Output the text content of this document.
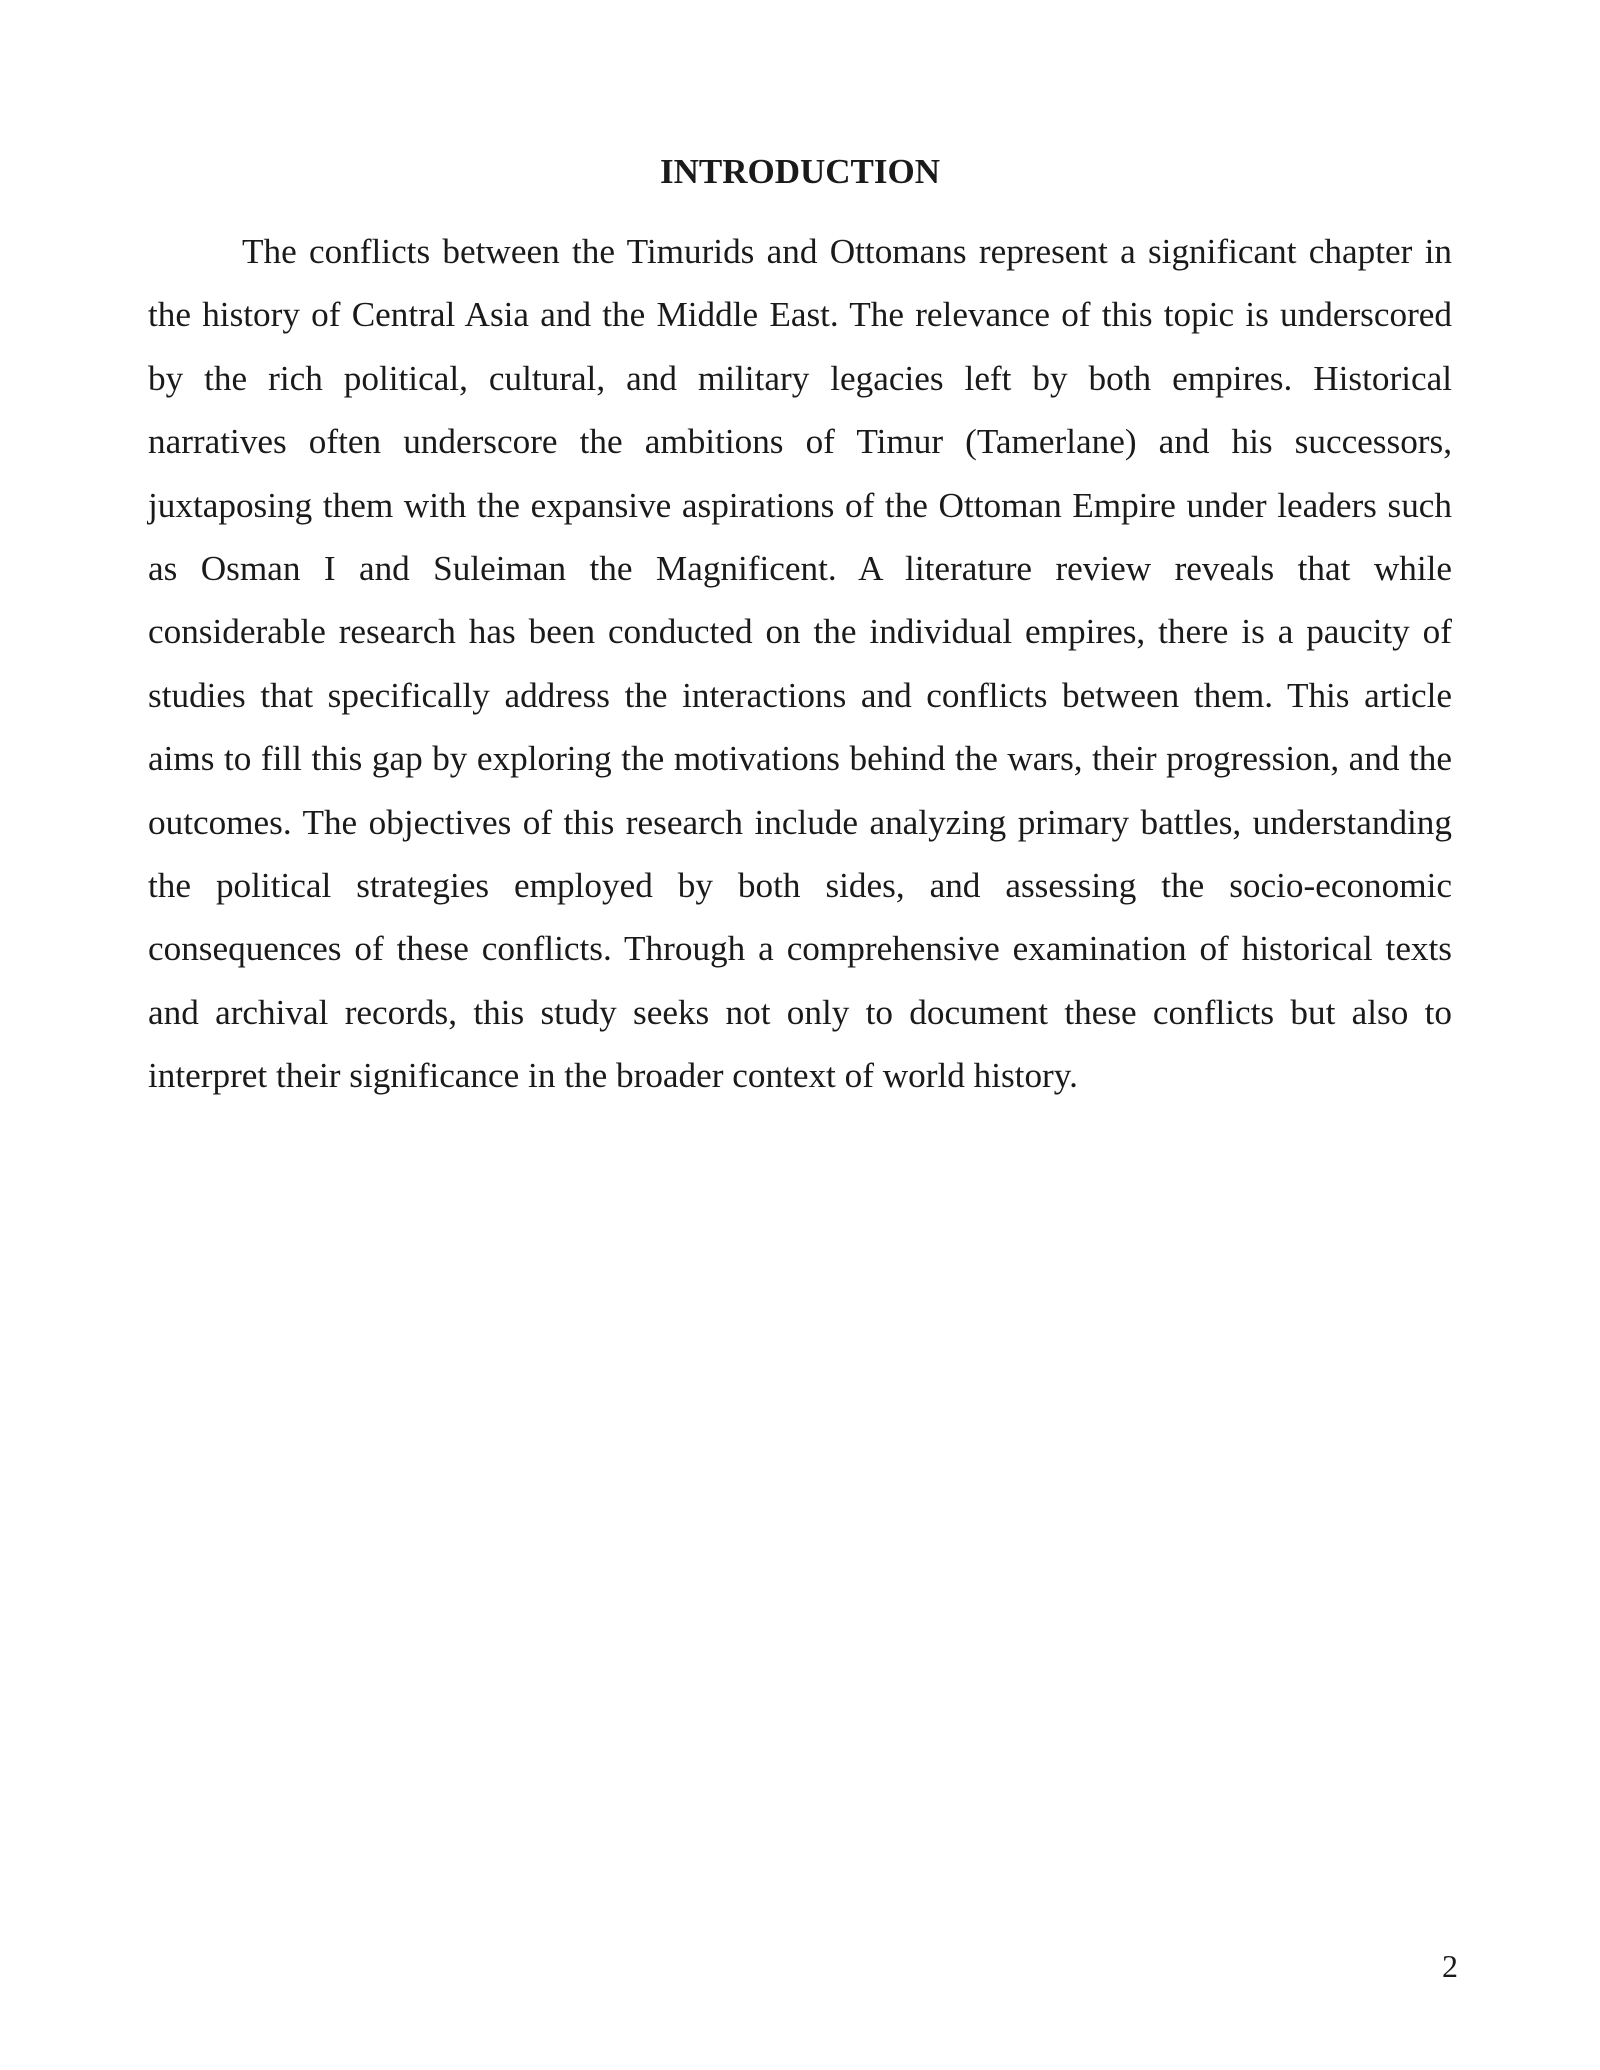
INTRODUCTION

The conflicts between the Timurids and Ottomans represent a significant chapter in the history of Central Asia and the Middle East. The relevance of this topic is underscored by the rich political, cultural, and military legacies left by both empires. Historical narratives often underscore the ambitions of Timur (Tamerlane) and his successors, juxtaposing them with the expansive aspirations of the Ottoman Empire under leaders such as Osman I and Suleiman the Magnificent. A literature review reveals that while considerable research has been conducted on the individual empires, there is a paucity of studies that specifically address the interactions and conflicts between them. This article aims to fill this gap by exploring the motivations behind the wars, their progression, and the outcomes. The objectives of this research include analyzing primary battles, understanding the political strategies employed by both sides, and assessing the socio-economic consequences of these conflicts. Through a comprehensive examination of historical texts and archival records, this study seeks not only to document these conflicts but also to interpret their significance in the broader context of world history.

2
